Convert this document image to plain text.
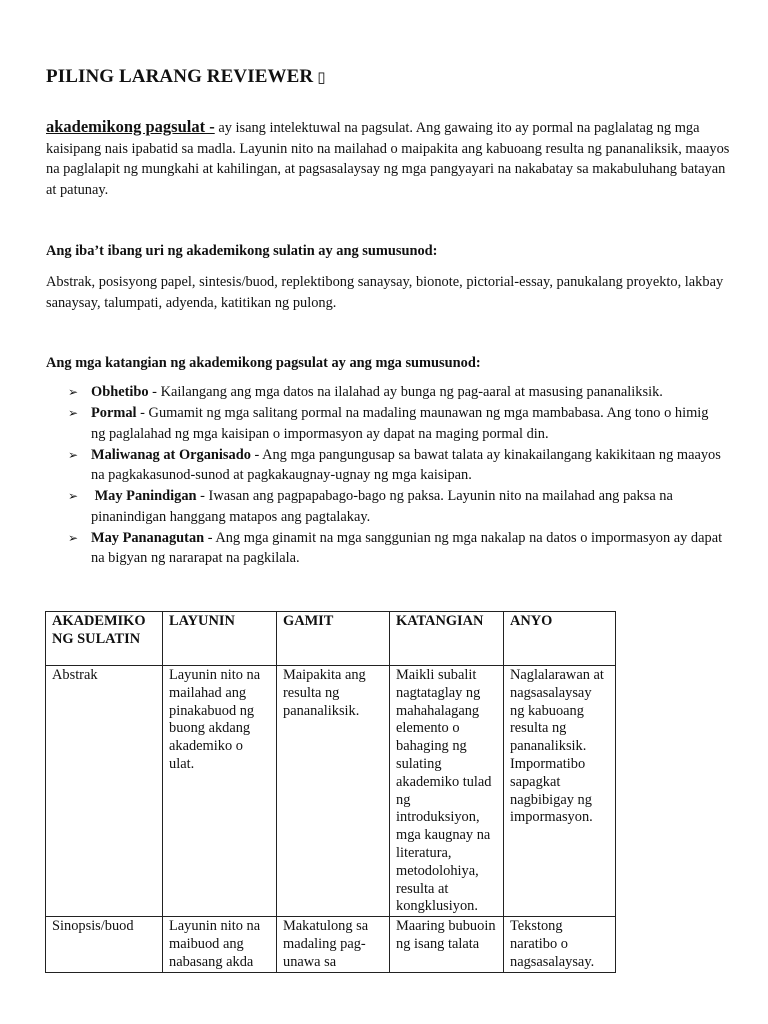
PILING LARANG REVIEWER ▯
akademikong pagsulat - ay isang intelektuwal na pagsulat. Ang gawaing ito ay pormal na paglalatag ng mga kaisipang nais ipabatid sa madla. Layunin nito na mailahad o maipakita ang kabuoang resulta ng pananaliksik, maayos na paglalapit ng mungkahi at kahilingan, at pagsasalaysay ng mga pangyayari na nakabatay sa makabuluhang batayan at patunay.
Ang iba’t ibang uri ng akademikong sulatin ay ang sumusunod:
Abstrak, posisyong papel, sintesis/buod, replektibong sanaysay, bionote, pictorial-essay, panukalang proyekto, lakbay sanaysay, talumpati, adyenda, katitikan ng pulong.
Ang mga katangian ng akademikong pagsulat ay ang mga sumusunod:
➢ Obhetibo - Kailangang ang mga datos na ilalahad ay bunga ng pag-aaral at masusing pananaliksik.
➢ Pormal - Gumamit ng mga salitang pormal na madaling maunawan ng mga mambabasa. Ang tono o himig ng paglalahad ng mga kaisipan o impormasyon ay dapat na maging pormal din.
➢ Maliwanag at Organisado - Ang mga pangungusap sa bawat talata ay kinakailangang kakikitaan ng maayos na pagkakasunod-sunod at pagkakaugnay-ugnay ng mga kaisipan.
➢ May Panindigan - Iwasan ang pagpapabago-bago ng paksa. Layunin nito na mailahad ang paksa na pinanindigan hanggang matapos ang pagtalakay.
➢ May Pananagutan - Ang mga ginamit na mga sanggunian ng mga nakalap na datos o impormasyon ay dapat na bigyan ng nararapat na pagkilala.
AKADEMIKO NG SULATIN	LAYUNIN	GAMIT	KATANGIAN	ANYO
Abstrak	Layunin nito na mailahad ang pinakabuod ng buong akdang akademiko o ulat.	Maipakita ang resulta ng pananaliksik.	Maikli subalit nagtataglay ng mahahalagang elemento o bahaging ng sulating akademiko tulad ng introduksiyon, mga kaugnay na literatura, metodolohiya, resulta at kongklusiyon.	Naglalarawan at nagsasalaysay ng kabuoang resulta ng pananaliksik. Impormatibo sapagkat nagbibigay ng impormasyon.
Sinopsis/buod	Layunin nito na maibuod ang nabasang akda	Makatulong sa madaling pag-unawa sa	Maaring bubuoin ng isang talata	Tekstong naratibo o nagsasalaysay.
